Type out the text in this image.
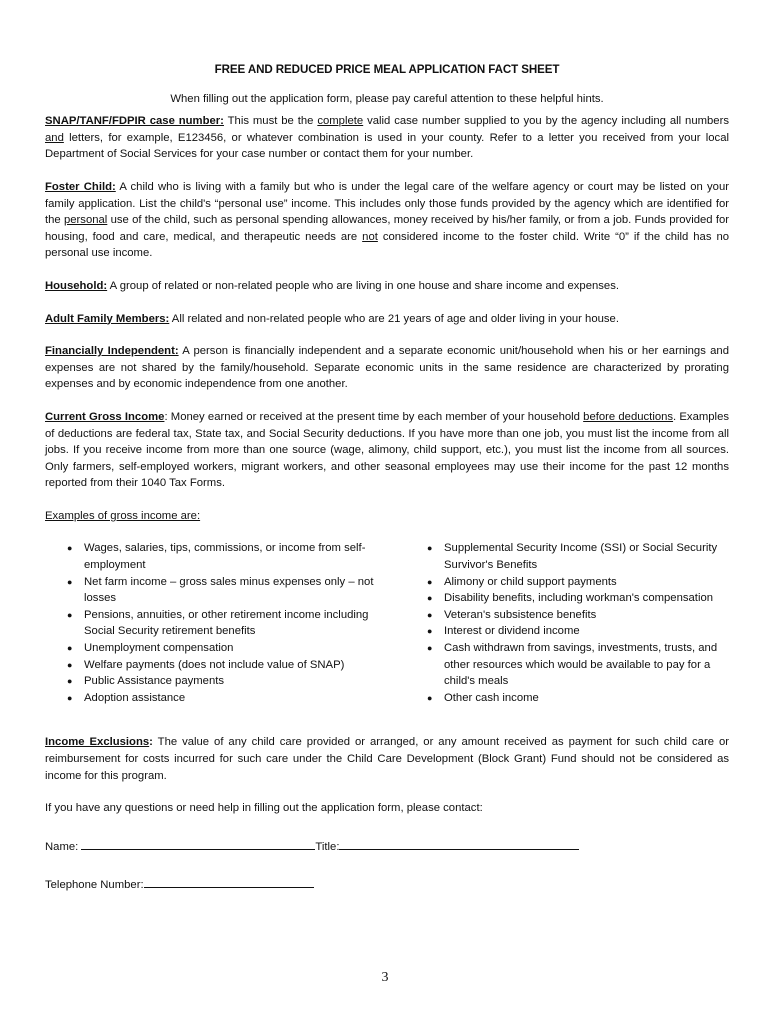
FREE AND REDUCED PRICE MEAL APPLICATION FACT SHEET
When filling out the application form, please pay careful attention to these helpful hints.

SNAP/TANF/FDPIR case number: This must be the complete valid case number supplied to you by the agency including all numbers and letters, for example, E123456, or whatever combination is used in your county. Refer to a letter you received from your local Department of Social Services for your case number or contact them for your number.

Foster Child: A child who is living with a family but who is under the legal care of the welfare agency or court may be listed on your family application. List the child's “personal use” income. This includes only those funds provided by the agency which are identified for the personal use of the child, such as personal spending allowances, money received by his/her family, or from a job. Funds provided for housing, food and care, medical, and therapeutic needs are not considered income to the foster child. Write “0” if the child has no personal use income.

Household: A group of related or non-related people who are living in one house and share income and expenses.

Adult Family Members: All related and non-related people who are 21 years of age and older living in your house.

Financially Independent: A person is financially independent and a separate economic unit/household when his or her earnings and expenses are not shared by the family/household. Separate economic units in the same residence are characterized by prorating expenses and by economic independence from one another.

Current Gross Income: Money earned or received at the present time by each member of your household before deductions. Examples of deductions are federal tax, State tax, and Social Security deductions. If you have more than one job, you must list the income from all jobs. If you receive income from more than one source (wage, alimony, child support, etc.), you must list the income from all sources. Only farmers, self-employed workers, migrant workers, and other seasonal employees may use their income for the past 12 months reported from their 1040 Tax Forms.

Examples of gross income are:
● Wages, salaries, tips, commissions, or income from self-employment
● Net farm income – gross sales minus expenses only – not losses
● Pensions, annuities, or other retirement income including Social Security retirement benefits
● Unemployment compensation
● Welfare payments (does not include value of SNAP)
● Public Assistance payments
● Adoption assistance
● Supplemental Security Income (SSI) or Social Security Survivor's Benefits
● Alimony or child support payments
● Disability benefits, including workman's compensation
● Veteran's subsistence benefits
● Interest or dividend income
● Cash withdrawn from savings, investments, trusts, and other resources which would be available to pay for a child's meals
● Other cash income

Income Exclusions: The value of any child care provided or arranged, or any amount received as payment for such child care or reimbursement for costs incurred for such care under the Child Care Development (Block Grant) Fund should not be considered as income for this program.

If you have any questions or need help in filling out the application form, please contact:
Name:	Title:
Telephone Number:
3
